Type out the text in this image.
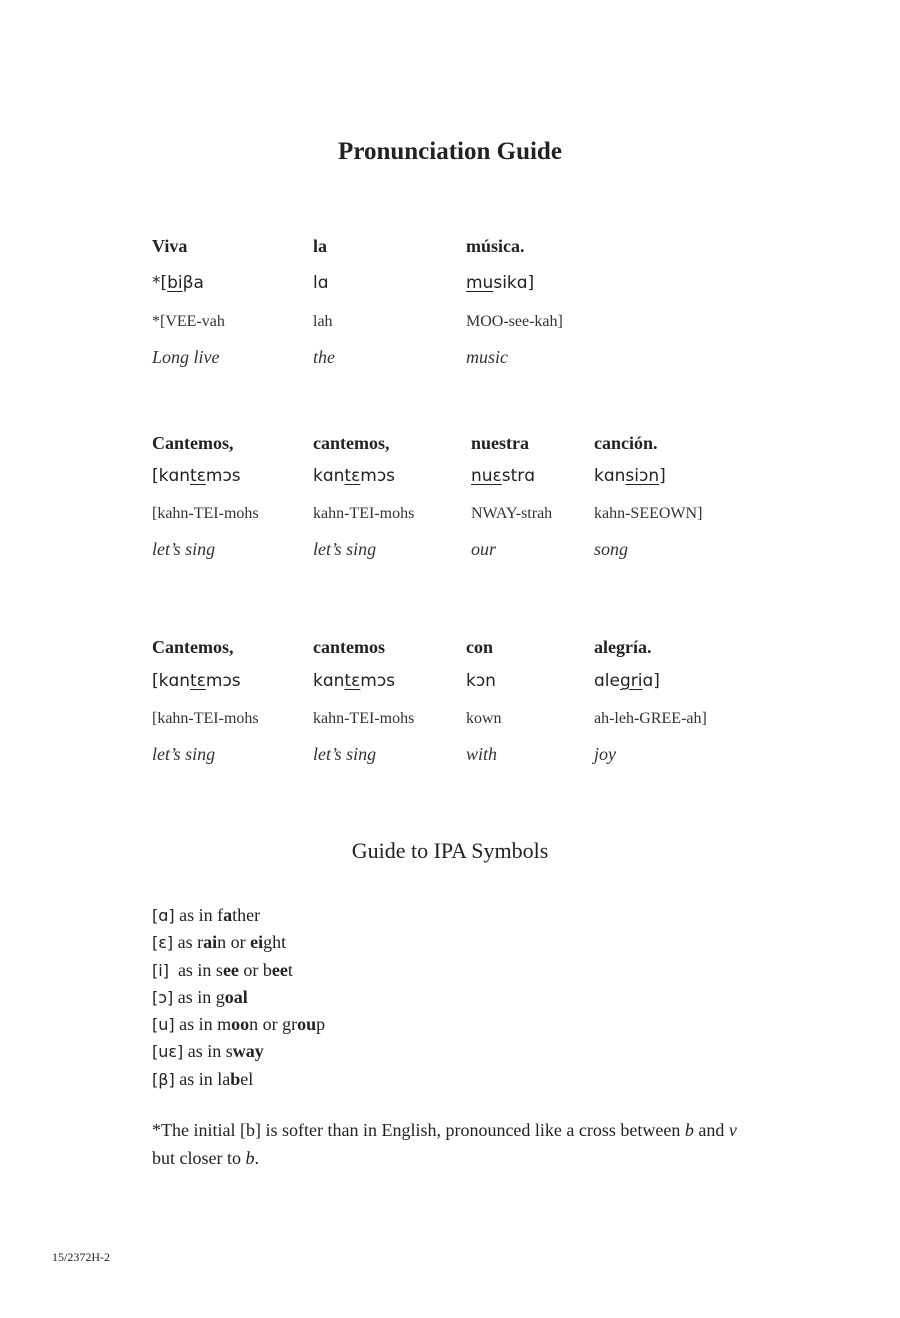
Pronunciation Guide
Viva	la	música.
*[biβa	lɑ	musikɑ]
*[VEE-vah	lah	MOO-see-kah]
Long live	the	music
Cantemos,	cantemos,	nuestra	canción.
[kɑntɛmɔs	kɑntɛmɔs	nuɛstrɑ	kɑnsiɔn]
[kahn-TEI-mohs	kahn-TEI-mohs	NWAY-strah	kahn-SEEOWN]
let’s sing	let’s sing	our	song
Cantemos,	cantemos	con	alegría.
[kɑntɛmɔs	kɑntɛmɔs	kɔn	ɑlegriɑ]
[kahn-TEI-mohs	kahn-TEI-mohs	kown	ah-leh-GREE-ah]
let’s sing	let’s sing	with	joy
Guide to IPA Symbols
[ɑ] as in father
[ɛ] as rain or eight
[i]  as in see or beet
[ɔ] as in goal
[u] as in moon or group
[uɛ] as in sway
[β] as in label
*The initial [b] is softer than in English, pronounced like a cross between b and v but closer to b.
15/2372H-2
